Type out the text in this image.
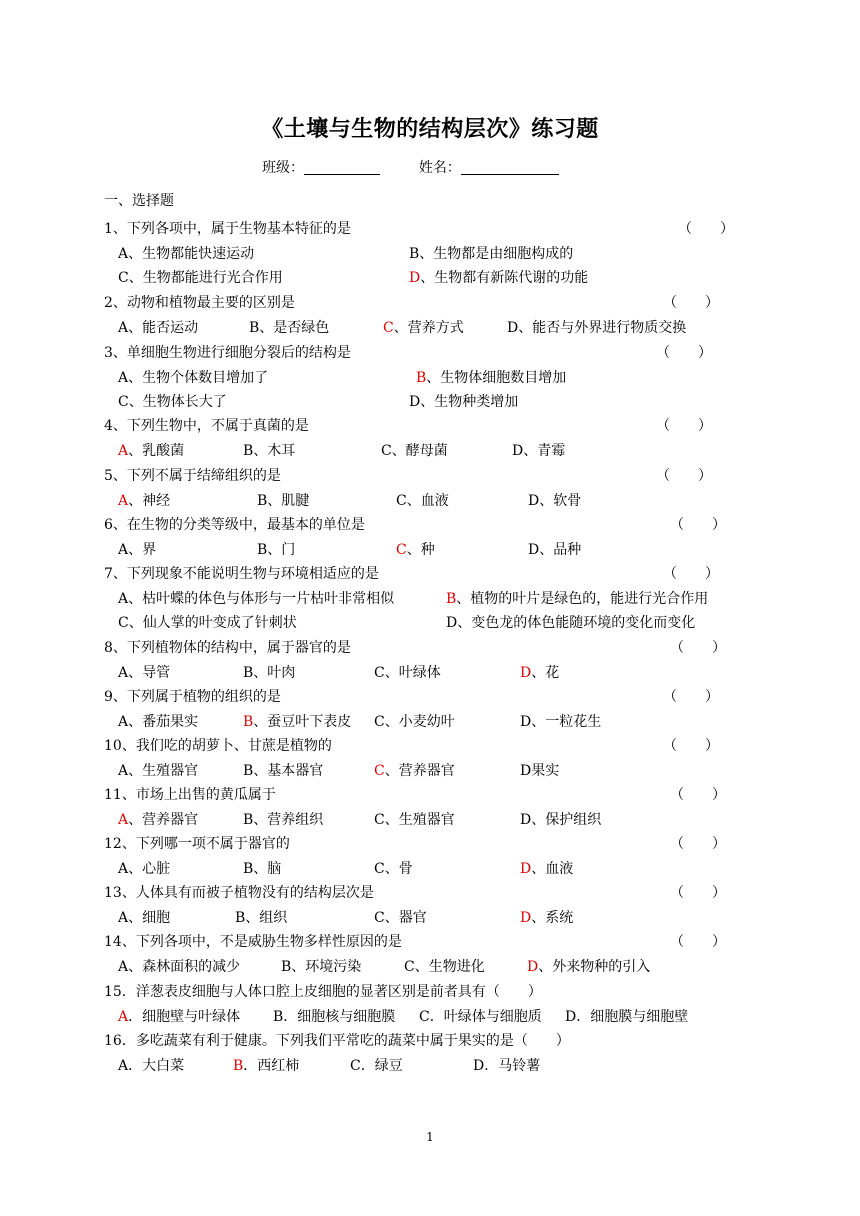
《土壤与生物的结构层次》练习题
班级：	姓名：
一、选择题
1、下列各项中，属于生物基本特征的是	（　　）
A、生物都能快速运动	B、生物都是由细胞构成的
C、生物都能进行光合作用	D、生物都有新陈代谢的功能
2、动物和植物最主要的区别是	（　　）
A、能否运动	B、是否绿色	C、营养方式	D、能否与外界进行物质交换
3、单细胞生物进行细胞分裂后的结构是	（　　）
A、生物个体数目增加了	B、生物体细胞数目增加
C、生物体长大了	D、生物种类增加
4、下列生物中，不属于真菌的是	（　　）
A、乳酸菌	B、木耳	C、酵母菌	D、青霉
5、下列不属于结缔组织的是	（　　）
A、神经	B、肌腱	C、血液	D、软骨
6、在生物的分类等级中，最基本的单位是	（　　）
A、界	B、门	C、种	D、品种
7、下列现象不能说明生物与环境相适应的是	（　　）
A、枯叶蝶的体色与体形与一片枯叶非常相似	B、植物的叶片是绿色的，能进行光合作用
C、仙人掌的叶变成了针刺状	D、变色龙的体色能随环境的变化而变化
8、下列植物体的结构中，属于器官的是	（　　）
A、导管	B、叶肉	C、叶绿体	D、花
9、下列属于植物的组织的是	（　　）
A、番茄果实	B、蚕豆叶下表皮 C、小麦幼叶	D、一粒花生
10、我们吃的胡萝卜、甘蔗是植物的	（　　）
A、生殖器官	B、基本器官	C、营养器官	D果实
11、市场上出售的黄瓜属于	（　　）
A、营养器官	B、营养组织	C、生殖器官	D、保护组织
12、下列哪一项不属于器官的	（　　）
A、心脏	B、脑	C、骨	D、血液
13、人体具有而被子植物没有的结构层次是	（　　）
A、细胞	B、组织	C、器官	D、系统
14、下列各项中，不是威胁生物多样性原因的是	（　　）
A、森林面积的减少	B、环境污染	C、生物进化	D、外来物种的引入
15．洋葱表皮细胞与人体口腔上皮细胞的显著区别是前者具有（　　）
A．细胞壁与叶绿体 B．细胞核与细胞膜 C．叶绿体与细胞质 D．细胞膜与细胞壁
16．多吃蔬菜有利于健康。下列我们平常吃的蔬菜中属于果实的是（　　）
A．大白菜	B．西红柿	C．绿豆	D．马铃薯
1
